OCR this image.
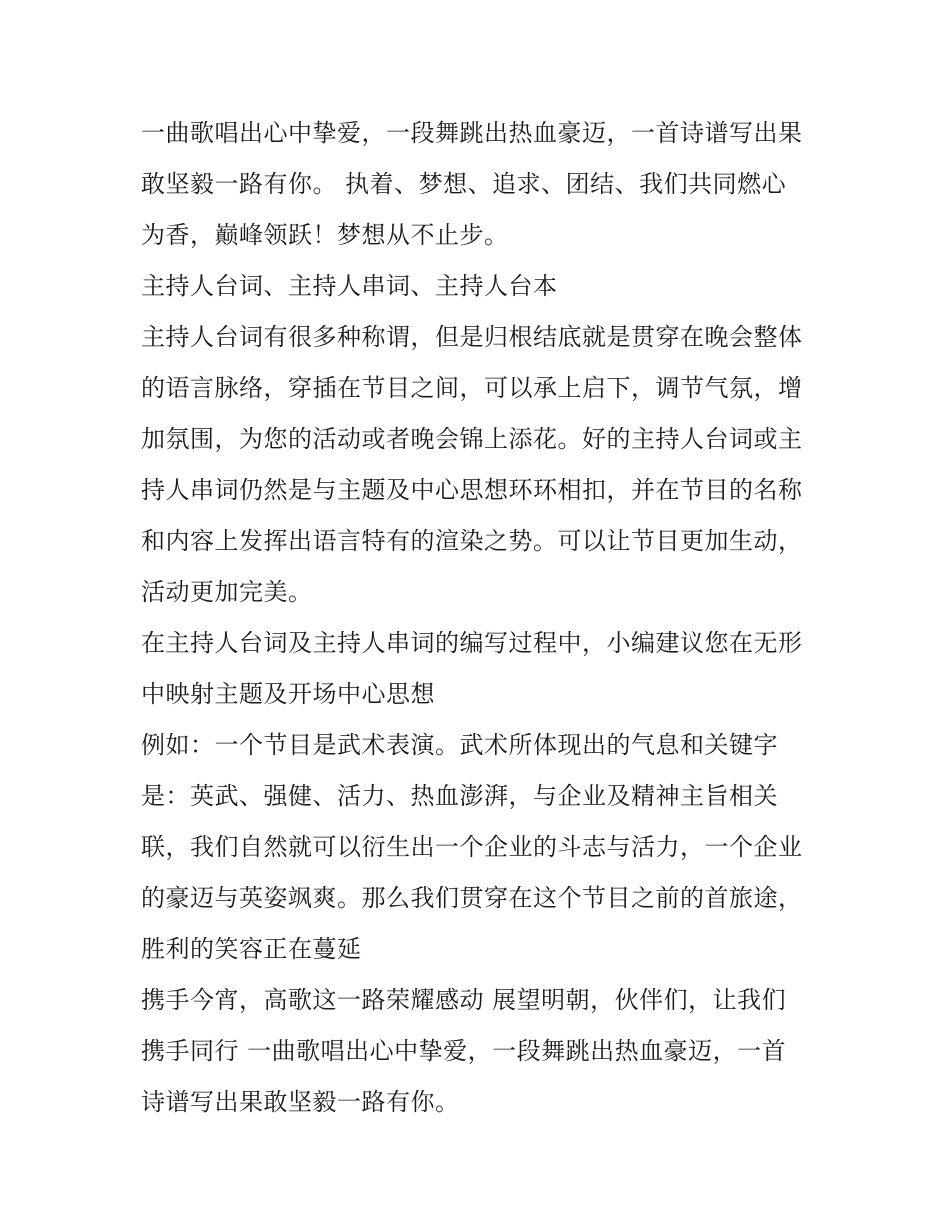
一曲歌唱出心中挚爱，一段舞跳出热血豪迈，一首诗谱写出果

敢坚毅一路有你。 执着、梦想、追求、团结、我们共同燃心

为香，巅峰领跃！梦想从不止步。

主持人台词、主持人串词、主持人台本

主持人台词有很多种称谓，但是归根结底就是贯穿在晚会整体

的语言脉络，穿插在节目之间，可以承上启下，调节气氛，增

加氛围，为您的活动或者晚会锦上添花。好的主持人台词或主

持人串词仍然是与主题及中心思想环环相扣，并在节目的名称

和内容上发挥出语言特有的渲染之势。可以让节目更加生动，

活动更加完美。

在主持人台词及主持人串词的编写过程中，小编建议您在无形

中映射主题及开场中心思想

例如：一个节目是武术表演。武术所体现出的气息和关键字

是：英武、强健、活力、热血澎湃，与企业及精神主旨相关

联，我们自然就可以衍生出一个企业的斗志与活力，一个企业

的豪迈与英姿飒爽。那么我们贯穿在这个节目之前的首旅途，

胜利的笑容正在蔓延

携手今宵，高歌这一路荣耀感动 展望明朝，伙伴们，让我们

携手同行 一曲歌唱出心中挚爱，一段舞跳出热血豪迈，一首

诗谱写出果敢坚毅一路有你。
